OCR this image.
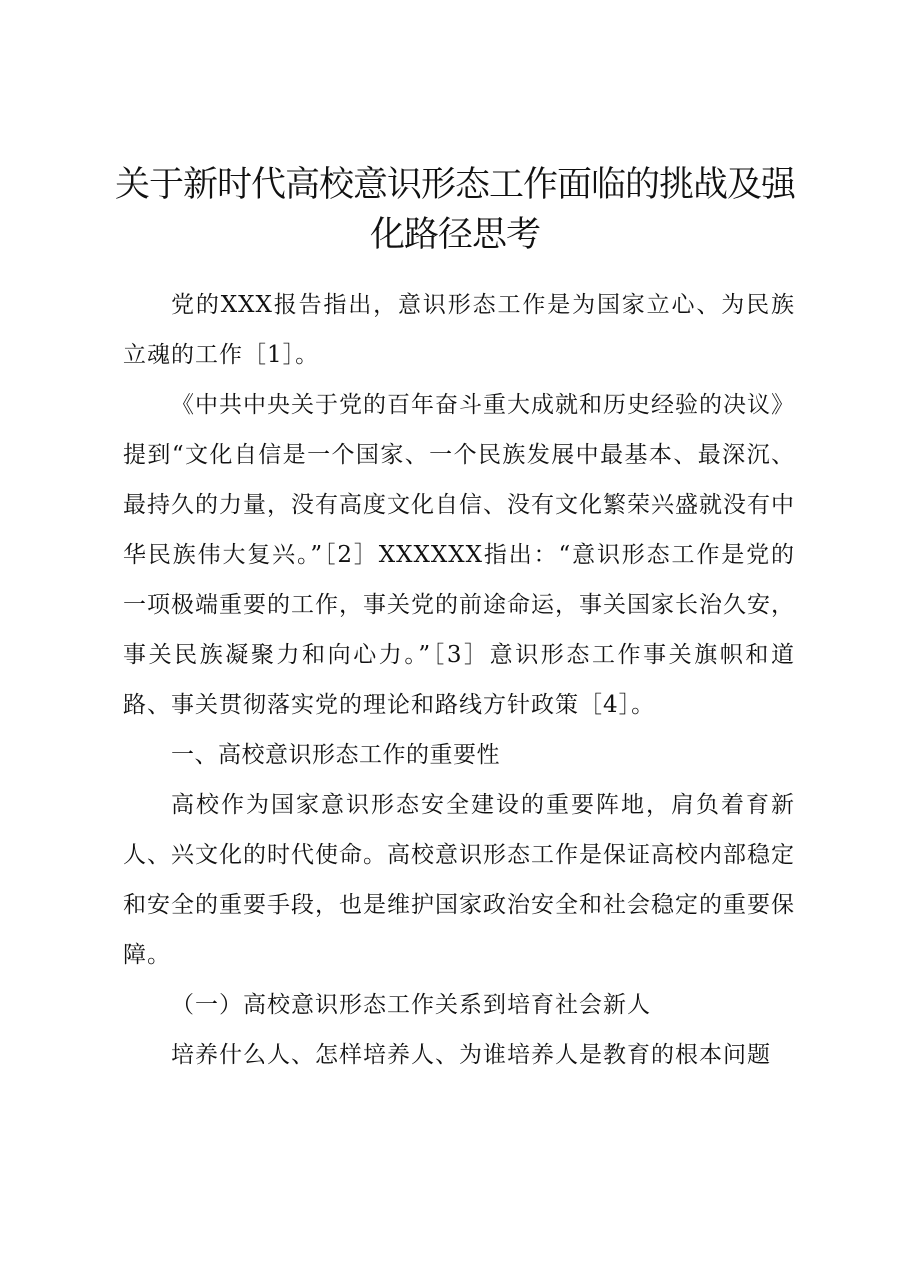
关于新时代高校意识形态工作面临的挑战及强化路径思考

党的XXX报告指出，意识形态工作是为国家立心、为民族立魂的工作［1］。

《中共中央关于党的百年奋斗重大成就和历史经验的决议》提到“文化自信是一个国家、一个民族发展中最基本、最深沉、最持久的力量，没有高度文化自信、没有文化繁荣兴盛就没有中华民族伟大复兴。”［2］XXXXXX指出：“意识形态工作是党的一项极端重要的工作，事关党的前途命运，事关国家长治久安，事关民族凝聚力和向心力。”［3］意识形态工作事关旗帜和道路、事关贯彻落实党的理论和路线方针政策［4］。

一、高校意识形态工作的重要性

高校作为国家意识形态安全建设的重要阵地，肩负着育新人、兴文化的时代使命。高校意识形态工作是保证高校内部稳定和安全的重要手段，也是维护国家政治安全和社会稳定的重要保障。

（一）高校意识形态工作关系到培育社会新人

培养什么人、怎样培养人、为谁培养人是教育的根本问题
